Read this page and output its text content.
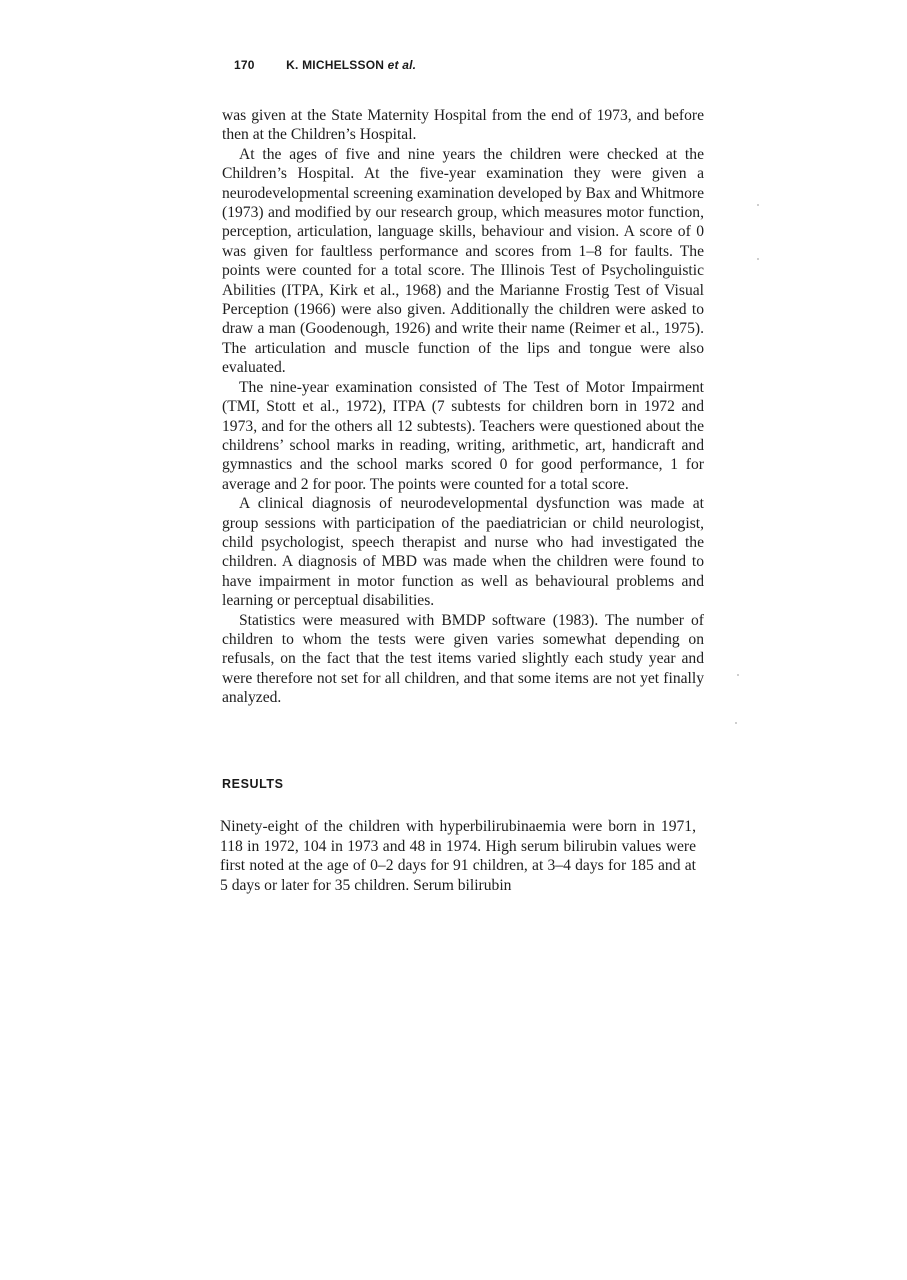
170	K. MICHELSSON et al.

was given at the State Maternity Hospital from the end of 1973, and before then at the Children’s Hospital.

At the ages of five and nine years the children were checked at the Children’s Hospital. At the five-year examination they were given a neurodevelopmental screening examination developed by Bax and Whitmore (1973) and modified by our research group, which measures motor function, perception, articulation, language skills, behaviour and vision. A score of 0 was given for faultless performance and scores from 1–8 for faults. The points were counted for a total score. The Illinois Test of Psycholinguistic Abilities (ITPA, Kirk et al., 1968) and the Marianne Frostig Test of Visual Perception (1966) were also given. Additionally the children were asked to draw a man (Goodenough, 1926) and write their name (Reimer et al., 1975). The articulation and muscle function of the lips and tongue were also evaluated.

The nine-year examination consisted of The Test of Motor Impairment (TMI, Stott et al., 1972), ITPA (7 subtests for children born in 1972 and 1973, and for the others all 12 subtests). Teachers were questioned about the childrens’ school marks in reading, writing, arithmetic, art, handicraft and gymnastics and the school marks scored 0 for good performance, 1 for average and 2 for poor. The points were counted for a total score.

A clinical diagnosis of neurodevelopmental dysfunction was made at group sessions with participation of the paediatrician or child neurologist, child psychologist, speech therapist and nurse who had investigated the children. A diagnosis of MBD was made when the children were found to have impairment in motor function as well as behavioural problems and learning or perceptual disabilities.

Statistics were measured with BMDP software (1983). The number of children to whom the tests were given varies somewhat depending on refusals, on the fact that the test items varied slightly each study year and were therefore not set for all children, and that some items are not yet finally analyzed.

RESULTS

Ninety-eight of the children with hyperbilirubinaemia were born in 1971, 118 in 1972, 104 in 1973 and 48 in 1974. High serum bilirubin values were first noted at the age of 0–2 days for 91 children, at 3–4 days for 185 and at 5 days or later for 35 children. Serum bilirubin
